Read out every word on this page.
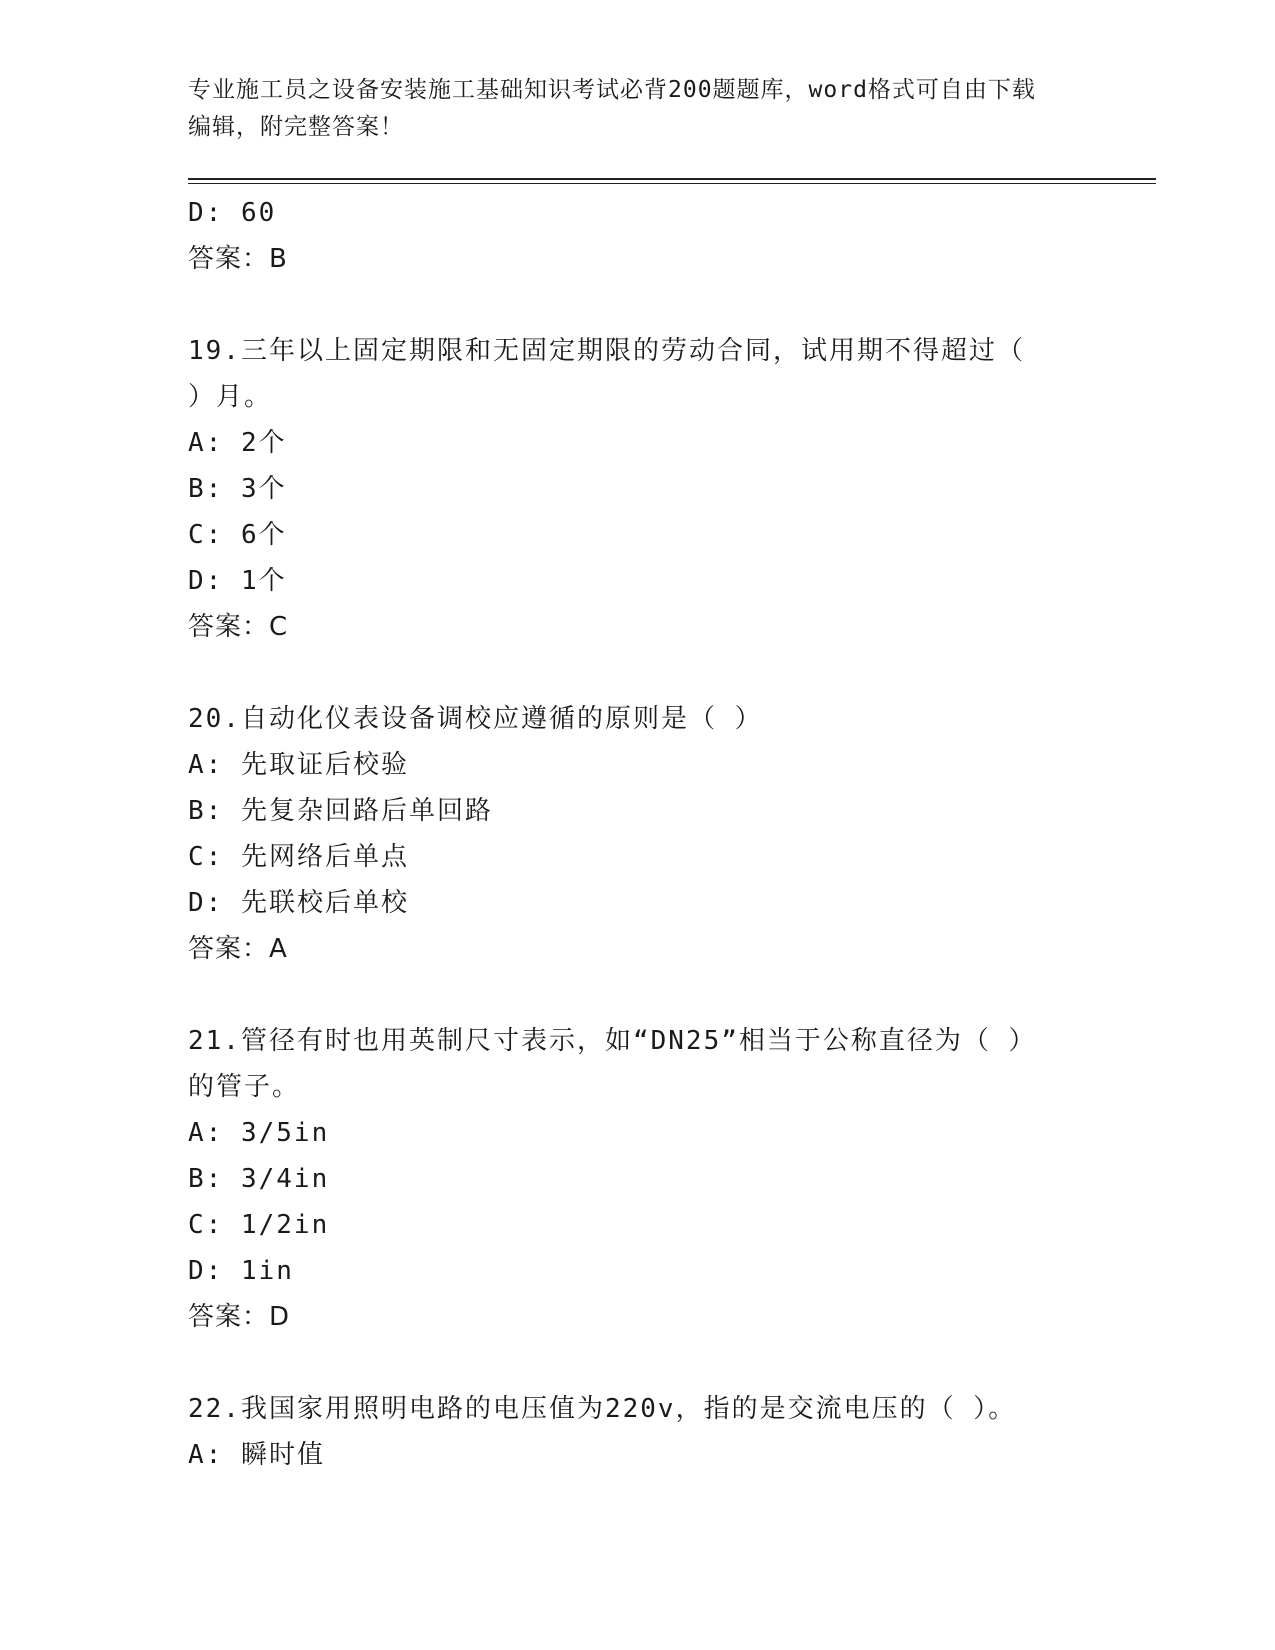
专业施工员之设备安装施工基础知识考试必背200题题库，word格式可自由下载
编辑，附完整答案！
D: 60
答案：B
19.三年以上固定期限和无固定期限的劳动合同，试用期不得超过（
）月。
A: 2个
B: 3个
C: 6个
D: 1个
答案：C
20.自动化仪表设备调校应遵循的原则是（ ）
A: 先取证后校验
B: 先复杂回路后单回路
C: 先网络后单点
D: 先联校后单校
答案：A
21.管径有时也用英制尺寸表示，如“DN25”相当于公称直径为（ ）
的管子。
A: 3/5in
B: 3/4in
C: 1/2in
D: 1in
答案：D
22.我国家用照明电路的电压值为220v，指的是交流电压的（ ）。
A: 瞬时值
